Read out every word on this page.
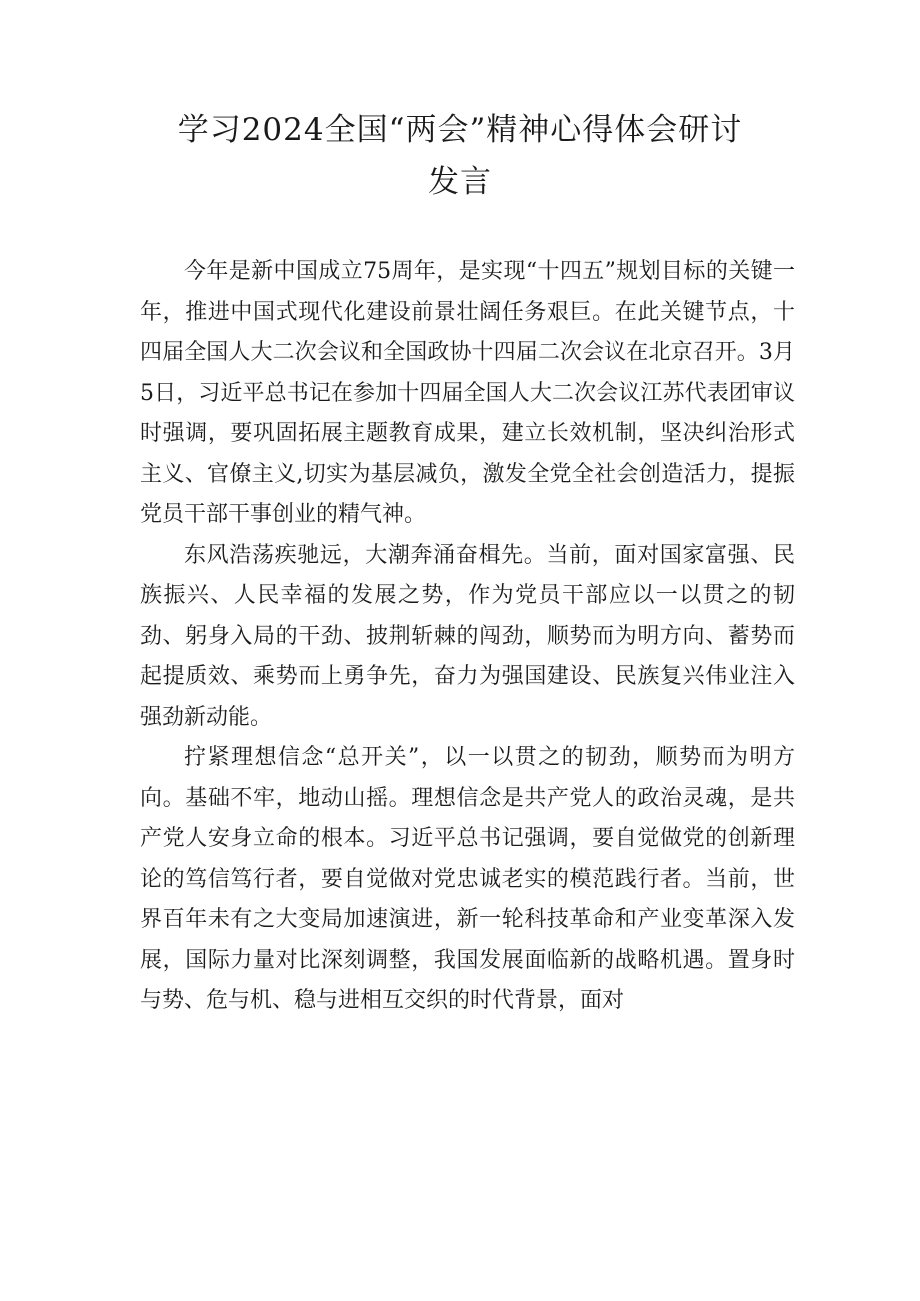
学习2024全国“两会”精神心得体会研讨
发言

今年是新中国成立75周年，是实现“十四五”规划目标的关键一年，推进中国式现代化建设前景壮阔任务艰巨。在此关键节点，十四届全国人大二次会议和全国政协十四届二次会议在北京召开。3月5日，习近平总书记在参加十四届全国人大二次会议江苏代表团审议时强调，要巩固拓展主题教育成果，建立长效机制，坚决纠治形式主义、官僚主义,切实为基层减负，激发全党全社会创造活力，提振党员干部干事创业的精气神。

东风浩荡疾驰远，大潮奔涌奋楫先。当前，面对国家富强、民族振兴、人民幸福的发展之势，作为党员干部应以一以贯之的韧劲、躬身入局的干劲、披荆斩棘的闯劲，顺势而为明方向、蓄势而起提质效、乘势而上勇争先，奋力为强国建设、民族复兴伟业注入强劲新动能。

拧紧理想信念“总开关”，以一以贯之的韧劲，顺势而为明方向。基础不牢，地动山摇。理想信念是共产党人的政治灵魂，是共产党人安身立命的根本。习近平总书记强调，要自觉做党的创新理论的笃信笃行者，要自觉做对党忠诚老实的模范践行者。当前，世界百年未有之大变局加速演进，新一轮科技革命和产业变革深入发展，国际力量对比深刻调整，我国发展面临新的战略机遇。置身时与势、危与机、稳与进相互交织的时代背景，面对
